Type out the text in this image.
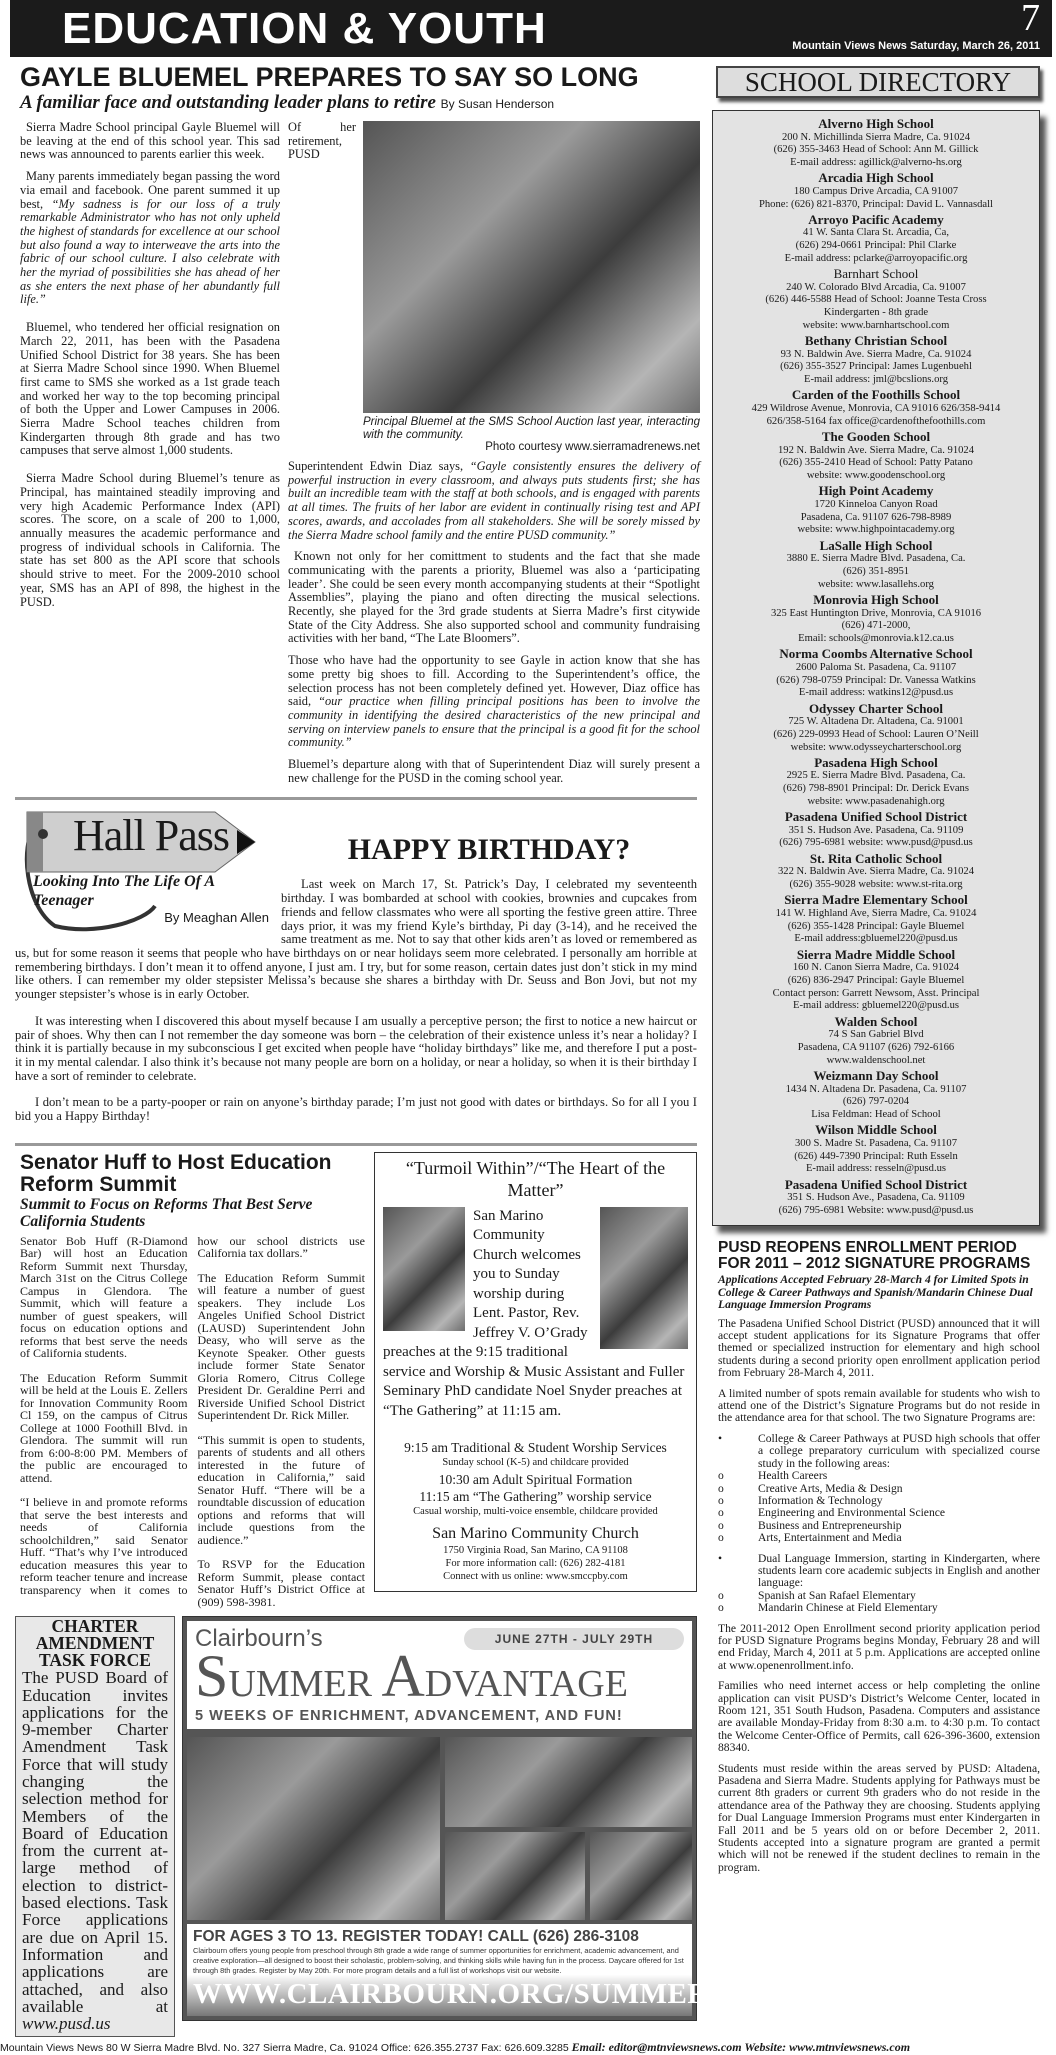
EDUCATION & YOUTH	7
Mountain Views News Saturday, March 26, 2011
GAYLE BLUEMEL PREPARES TO SAY SO LONG
A familiar face and outstanding leader plans to retire By Susan Henderson

Sierra Madre School principal Gayle Bluemel will be leaving at the end of this school year. This sad news was announced to parents earlier this week.

Many parents immediately began passing the word via email and facebook. One parent summed it up best, “My sadness is for our loss of a truly remarkable Administrator who has not only upheld the highest of standards for excellence at our school but also found a way to interweave the arts into the fabric of our school culture. I also celebrate with her the myriad of possibilities she has ahead of her as she enters the next phase of her abundantly full life.”

Bluemel, who tendered her official resignation on March 22, 2011, has been with the Pasadena Unified School District for 38 years. She has been at Sierra Madre School since 1990. When Bluemel first came to SMS she worked as a 1st grade teach and worked her way to the top becoming principal of both the Upper and Lower Campuses in 2006. Sierra Madre School teaches children from Kindergarten through 8th grade and has two campuses that serve almost 1,000 students.

Sierra Madre School during Bluemel’s tenure as Principal, has maintained steadily improving and very high Academic Performance Index (API) scores. The score, on a scale of 200 to 1,000, annually measures the academic performance and progress of individual schools in California. The state has set 800 as the API score that schools should strive to meet. For the 2009-2010 school year, SMS has an API of 898, the highest in the PUSD.

Principal Bluemel at the SMS School Auction last year, interacting with the community.
Photo courtesy www.sierramadrenews.net

Of her retirement, PUSD Superintendent Edwin Diaz says, “Gayle consistently ensures the delivery of powerful instruction in every classroom, and always puts students first; she has built an incredible team with the staff at both schools, and is engaged with parents at all times. The fruits of her labor are evident in continually rising test and API scores, awards, and accolades from all stakeholders. She will be sorely missed by the Sierra Madre school family and the entire PUSD community.”

Known not only for her comittment to students and the fact that she made communicating with the parents a priority, Bluemel was also a ‘participating leader’. She could be seen every month accompanying students at their “Spotlight Assemblies”, playing the piano and often directing the musical selections. Recently, she played for the 3rd grade students at Sierra Madre’s first citywide State of the City Address. She also supported school and community fundraising activities with her band, “The Late Bloomers”.

Those who have had the opportunity to see Gayle in action know that she has some pretty big shoes to fill. According to the Superintendent’s office, the selection process has not been completely defined yet. However, Diaz office has said, “our practice when filling principal positions has been to involve the community in identifying the desired characteristics of the new principal and serving on interview panels to ensure that the principal is a good fit for the school community.”

Bluemel’s departure along with that of Superintendent Diaz will surely present a new challenge for the PUSD in the coming school year.

Hall Pass
Looking Into The Life Of A Teenager
By Meaghan Allen
HAPPY BIRTHDAY?

Last week on March 17, St. Patrick’s Day, I celebrated my seventeenth birthday. I was bombarded at school with cookies, brownies and cupcakes from friends and fellow classmates who were all sporting the festive green attire. Three days prior, it was my friend Kyle’s birthday, Pi day (3-14), and he received the same treatment as me. Not to say that other kids aren’t as loved or remembered as us, but for some reason it seems that people who have birthdays on or near holidays seem more celebrated. I personally am horrible at remembering birthdays. I don’t mean it to offend anyone, I just am. I try, but for some reason, certain dates just don’t stick in my mind like others. I can remember my older stepsister Melissa’s because she shares a birthday with Dr. Seuss and Bon Jovi, but not my younger stepsister’s whose is in early October.

It was interesting when I discovered this about myself because I am usually a perceptive person; the first to notice a new haircut or pair of shoes. Why then can I not remember the day someone was born – the celebration of their existence unless it’s near a holiday? I think it is partially because in my subconscious I get excited when people have “holiday birthdays” like me, and therefore I put a post-it in my mental calendar. I also think it’s because not many people are born on a holiday, or near a holiday, so when it is their birthday I have a sort of reminder to celebrate.

I don’t mean to be a party-pooper or rain on anyone’s birthday parade; I’m just not good with dates or birthdays. So for all I you I bid you a Happy Birthday!

Senator Huff to Host Education Reform Summit
Summit to Focus on Reforms That Best Serve California Students

Senator Bob Huff (R-Diamond Bar) will host an Education Reform Summit next Thursday, March 31st on the Citrus College Campus in Glendora. The Summit, which will feature a number of guest speakers, will focus on education options and reforms that best serve the needs of California students.

The Education Reform Summit will be held at the Louis E. Zellers for Innovation Community Room Cl 159, on the campus of Citrus College at 1000 Foothill Blvd. in Glendora. The summit will run from 6:00-8:00 PM. Members of the public are encouraged to attend.

“I believe in and promote reforms that serve the best interests and needs of California schoolchildren,” said Senator Huff. “That’s why I’ve introduced education measures this year to reform teacher tenure and increase transparency when it comes to how our school districts use California tax dollars.”

The Education Reform Summit will feature a number of guest speakers. They include Los Angeles Unified School District (LAUSD) Superintendent John Deasy, who will serve as the Keynote Speaker. Other guests include former State Senator Gloria Romero, Citrus College President Dr. Geraldine Perri and Riverside Unified School District Superintendent Dr. Rick Miller.

“This summit is open to students, parents of students and all others interested in the future of education in California,” said Senator Huff. “There will be a roundtable discussion of education options and reforms that will include questions from the audience.”

To RSVP for the Education Reform Summit, please contact Senator Huff’s District Office at (909) 598-3981.

“Turmoil Within”/“The Heart of the Matter”
San Marino Community Church welcomes you to Sunday worship during Lent. Pastor, Rev. Jeffrey V. O’Grady preaches at the 9:15 traditional service and Worship & Music Assistant and Fuller Seminary PhD candidate Noel Snyder preaches at “The Gathering” at 11:15 am.
9:15 am Traditional & Student Worship Services
Sunday school (K-5) and childcare provided
10:30 am Adult Spiritual Formation
11:15 am “The Gathering” worship service
Casual worship, multi-voice ensemble, childcare provided
San Marino Community Church
1750 Virginia Road, San Marino, CA 91108
For more information call: (626) 282-4181
Connect with us online: www.smccpby.com
CHARTER AMENDMENT TASK FORCE
The PUSD Board of Education invites applications for the 9-member Charter Amendment Task Force that will study changing the selection method for Members of the Board of Education from the current at-large method of election to district-based elections. Task Force applications are due on April 15. Information and applications are attached, and also available at www.pusd.us
Clairbourn’s	JUNE 27TH - JULY 29TH
SUMMER ADVANTAGE
5 WEEKS OF ENRICHMENT, ADVANCEMENT, AND FUN!
FOR AGES 3 TO 13. REGISTER TODAY! CALL (626) 286-3108
Clairbourn offers young people from preschool through 8th grade a wide range of summer opportunities for enrichment, academic advancement, and creative exploration—all designed to boost their scholastic, problem-solving, and thinking skills while having fun in the process. Daycare offered for 1st through 8th grades. Register by May 20th. For more program details and a full list of workshops visit our website.
WWW.CLAIRBOURN.ORG/SUMMER/
SCHOOL DIRECTORY
Alverno High School
200 N. Michillinda Sierra Madre, Ca. 91024
(626) 355-3463 Head of School: Ann M. Gillick
E-mail address: agillick@alverno-hs.org
Arcadia High School
180 Campus Drive Arcadia, CA 91007
Phone: (626) 821-8370, Principal: David L. Vannasdall
Arroyo Pacific Academy
41 W. Santa Clara St. Arcadia, Ca,
(626) 294-0661 Principal: Phil Clarke
E-mail address: pclarke@arroyopacific.org
Barnhart School
240 W. Colorado Blvd Arcadia, Ca. 91007
(626) 446-5588 Head of School: Joanne Testa Cross
Kindergarten - 8th grade
website: www.barnhartschool.com
Bethany Christian School
93 N. Baldwin Ave. Sierra Madre, Ca. 91024
(626) 355-3527 Principal: James Lugenbuehl
E-mail address: jml@bcslions.org
Carden of the Foothills School
429 Wildrose Avenue, Monrovia, CA 91016 626/358-9414
626/358-5164 fax office@cardenofthefoothills.com
The Gooden School
192 N. Baldwin Ave. Sierra Madre, Ca. 91024
(626) 355-2410 Head of School: Patty Patano
website: www.goodenschool.org
High Point Academy
1720 Kinneloa Canyon Road
Pasadena, Ca. 91107 626-798-8989
website: www.highpointacademy.org
LaSalle High School
3880 E. Sierra Madre Blvd. Pasadena, Ca.
(626) 351-8951
website: www.lasallehs.org
Monrovia High School
325 East Huntington Drive, Monrovia, CA 91016
(626) 471-2000,
Email: schools@monrovia.k12.ca.us
Norma Coombs Alternative School
2600 Paloma St. Pasadena, Ca. 91107
(626) 798-0759 Principal: Dr. Vanessa Watkins
E-mail address: watkins12@pusd.us
Odyssey Charter School
725 W. Altadena Dr. Altadena, Ca. 91001
(626) 229-0993 Head of School: Lauren O’Neill
website: www.odysseycharterschool.org
Pasadena High School
2925 E. Sierra Madre Blvd. Pasadena, Ca.
(626) 798-8901 Principal: Dr. Derick Evans
website: www.pasadenahigh.org
Pasadena Unified School District
351 S. Hudson Ave. Pasadena, Ca. 91109
(626) 795-6981 website: www.pusd@pusd.us
St. Rita Catholic School
322 N. Baldwin Ave. Sierra Madre, Ca. 91024
(626) 355-9028 website: www.st-rita.org
Sierra Madre Elementary School
141 W. Highland Ave, Sierra Madre, Ca. 91024
(626) 355-1428 Principal: Gayle Bluemel
E-mail address:gbluemel220@pusd.us
Sierra Madre Middle School
160 N. Canon Sierra Madre, Ca. 91024
(626) 836-2947 Principal: Gayle Bluemel
Contact person: Garrett Newsom, Asst. Principal
E-mail address: gbluemel220@pusd.us
Walden School
74 S San Gabriel Blvd
Pasadena, CA 91107 (626) 792-6166
www.waldenschool.net
Weizmann Day School
1434 N. Altadena Dr. Pasadena, Ca. 91107
(626) 797-0204
Lisa Feldman: Head of School
Wilson Middle School
300 S. Madre St. Pasadena, Ca. 91107
(626) 449-7390 Principal: Ruth Esseln
E-mail address: resseln@pusd.us
Pasadena Unified School District
351 S. Hudson Ave., Pasadena, Ca. 91109
(626) 795-6981 Website: www.pusd@pusd.us
PUSD REOPENS ENROLLMENT PERIOD FOR 2011 – 2012 SIGNATURE PROGRAMS
Applications Accepted February 28-March 4 for Limited Spots in College & Career Pathways and Spanish/Mandarin Chinese Dual Language Immersion Programs

The Pasadena Unified School District (PUSD) announced that it will accept student applications for its Signature Programs that offer themed or specialized instruction for elementary and high school students during a second priority open enrollment application period from February 28-March 4, 2011.

A limited number of spots remain available for students who wish to attend one of the District’s Signature Programs but do not reside in the attendance area for that school. The two Signature Programs are:

•	College & Career Pathways at PUSD high schools that offer a college preparatory curriculum with specialized course study in the following areas:
o	Health Careers
o	Creative Arts, Media & Design
o	Information & Technology
o	Engineering and Environmental Science
o	Business and Entrepreneurship
o	Arts, Entertainment and Media
•	Dual Language Immersion, starting in Kindergarten, where students learn core academic subjects in English and another language:
o	Spanish at San Rafael Elementary
o	Mandarin Chinese at Field Elementary

The 2011-2012 Open Enrollment second priority application period for PUSD Signature Programs begins Monday, February 28 and will end Friday, March 4, 2011 at 5 p.m. Applications are accepted online at www.openenrollment.info.

Families who need internet access or help completing the online application can visit PUSD’s District’s Welcome Center, located in Room 121, 351 South Hudson, Pasadena. Computers and assistance are available Monday-Friday from 8:30 a.m. to 4:30 p.m. To contact the Welcome Center-Office of Permits, call 626-396-3600, extension 88340.

Students must reside within the areas served by PUSD: Altadena, Pasadena and Sierra Madre. Students applying for Pathways must be current 8th graders or current 9th graders who do not reside in the attendance area of the Pathway they are choosing. Students applying for Dual Language Immersion Programs must enter Kindergarten in Fall 2011 and be 5 years old on or before December 2, 2011. Students accepted into a signature program are granted a permit which will not be renewed if the student declines to remain in the program.

Mountain Views News 80 W Sierra Madre Blvd. No. 327 Sierra Madre, Ca. 91024 Office: 626.355.2737 Fax: 626.609.3285 Email: editor@mtnviewsnews.com Website: www.mtnviewsnews.com
